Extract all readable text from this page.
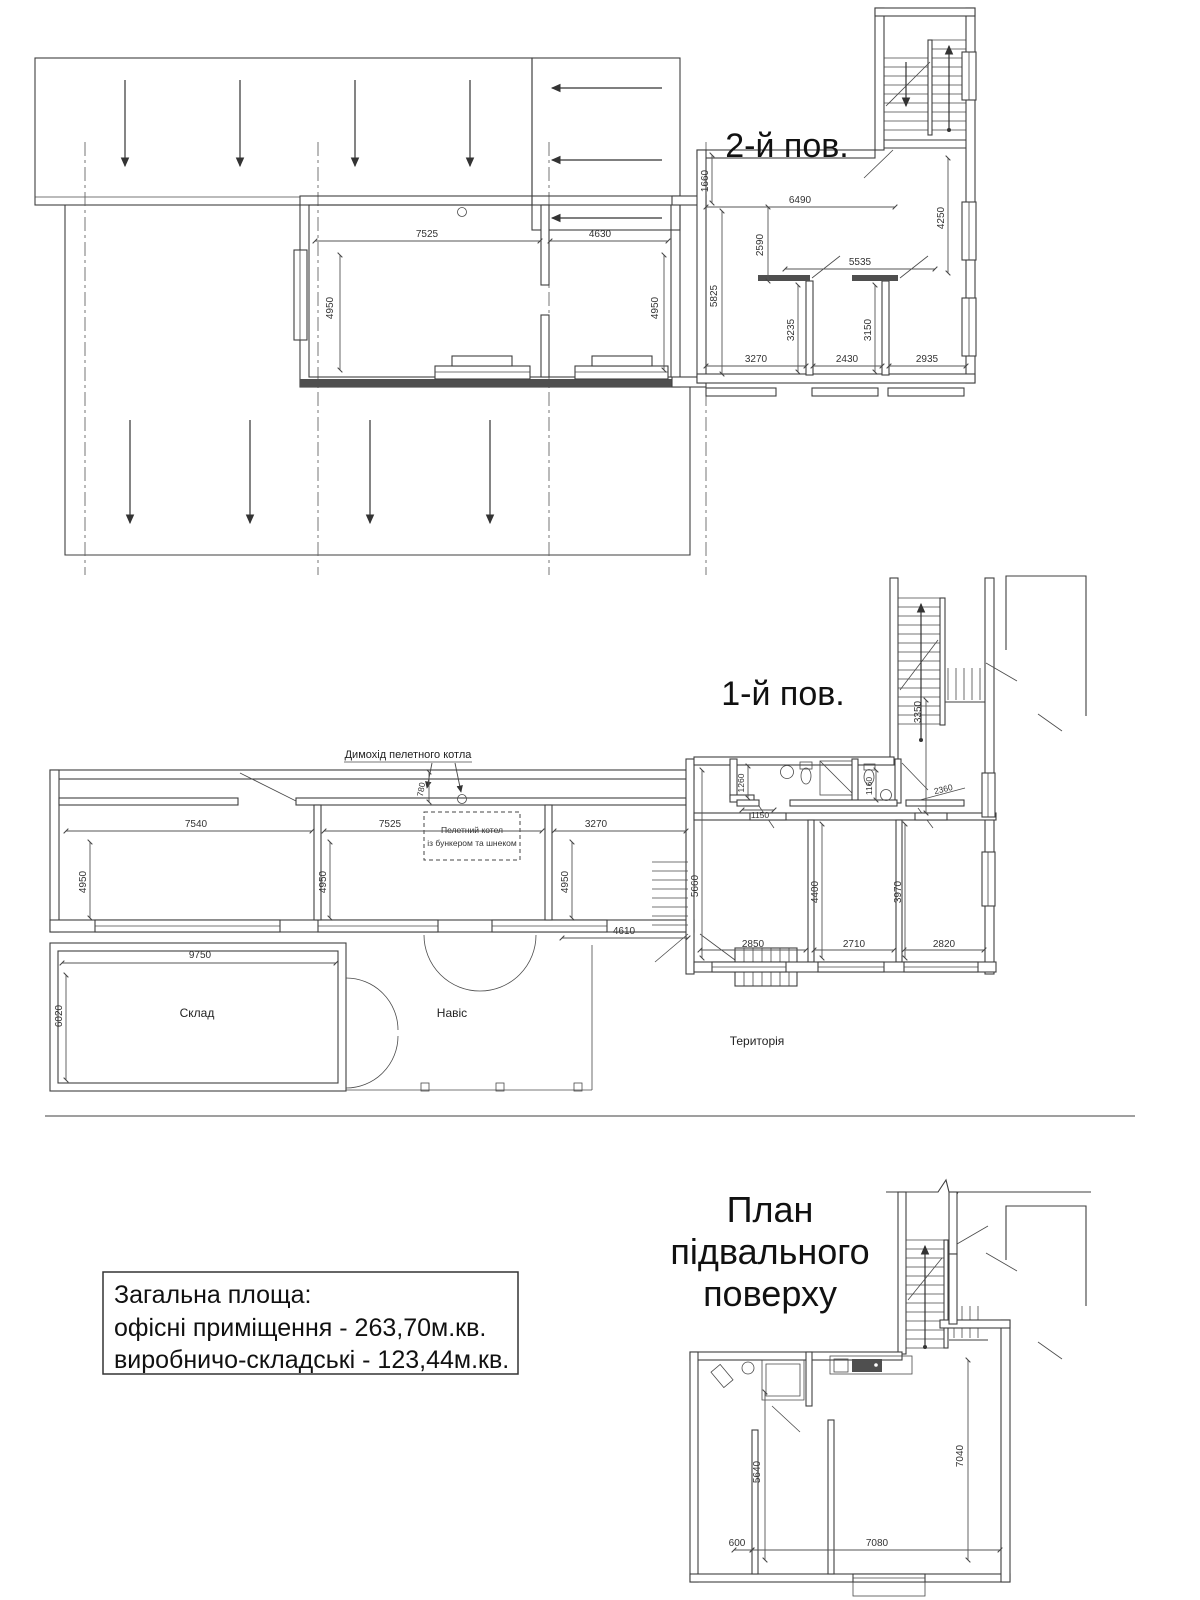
2-й пов.
7525	4630
4950	4950
1660
6490
2590
4250
5535
5825
3235	3150
3270	2430	2935
1-й пов.
Димохід пелетного котла
780
Пелетний котел
із бункером та шнеком
7540	7525	3270
4950	4950	4950
4610
9750
6020
3350
1260
1150
1160	2360
5660	4400	3970
2850	2710	2820
Склад	Навіс
Територія
План
підвального
поверху
5640
7040
600	7080
Загальна площа:
офісні приміщення - 263,70м.кв.
виробничо-складські - 123,44м.кв.
